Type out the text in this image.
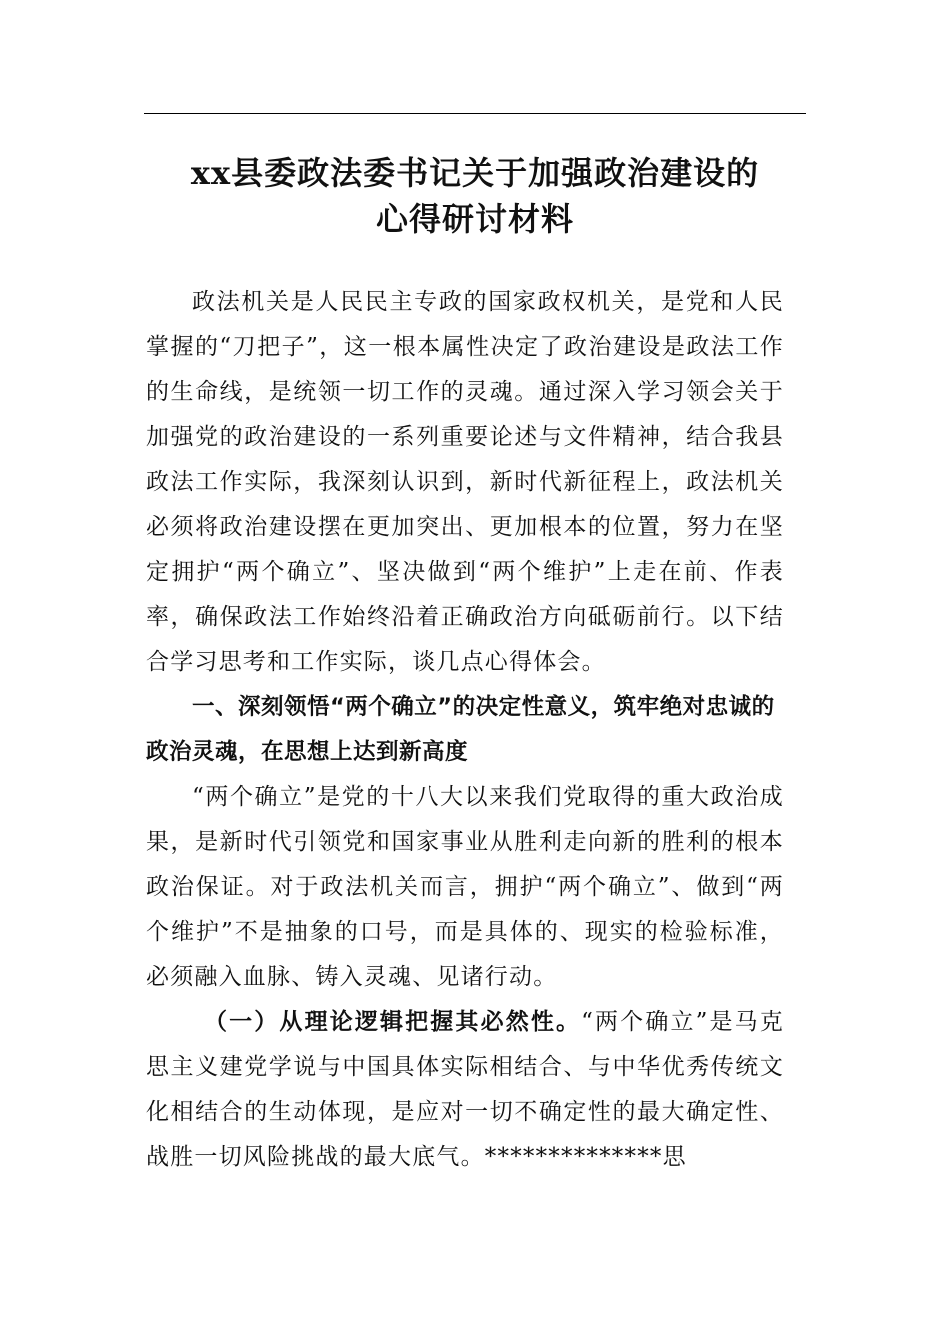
xx县委政法委书记关于加强政治建设的
心得研讨材料

政法机关是人民民主专政的国家政权机关，是党和人民掌握的“刀把子”，这一根本属性决定了政治建设是政法工作的生命线，是统领一切工作的灵魂。通过深入学习领会关于加强党的政治建设的一系列重要论述与文件精神，结合我县政法工作实际，我深刻认识到，新时代新征程上，政法机关必须将政治建设摆在更加突出、更加根本的位置，努力在坚定拥护“两个确立”、坚决做到“两个维护”上走在前、作表率，确保政法工作始终沿着正确政治方向砥砺前行。以下结合学习思考和工作实际，谈几点心得体会。

一、深刻领悟“两个确立”的决定性意义，筑牢绝对忠诚的政治灵魂，在思想上达到新高度

“两个确立”是党的十八大以来我们党取得的重大政治成果，是新时代引领党和国家事业从胜利走向新的胜利的根本政治保证。对于政法机关而言，拥护“两个确立”、做到“两个维护”不是抽象的口号，而是具体的、现实的检验标准，必须融入血脉、铸入灵魂、见诸行动。

（一）从理论逻辑把握其必然性。“两个确立”是马克思主义建党学说与中国具体实际相结合、与中华优秀传统文化相结合的生动体现，是应对一切不确定性的最大确定性、战胜一切风险挑战的最大底气。**************思
